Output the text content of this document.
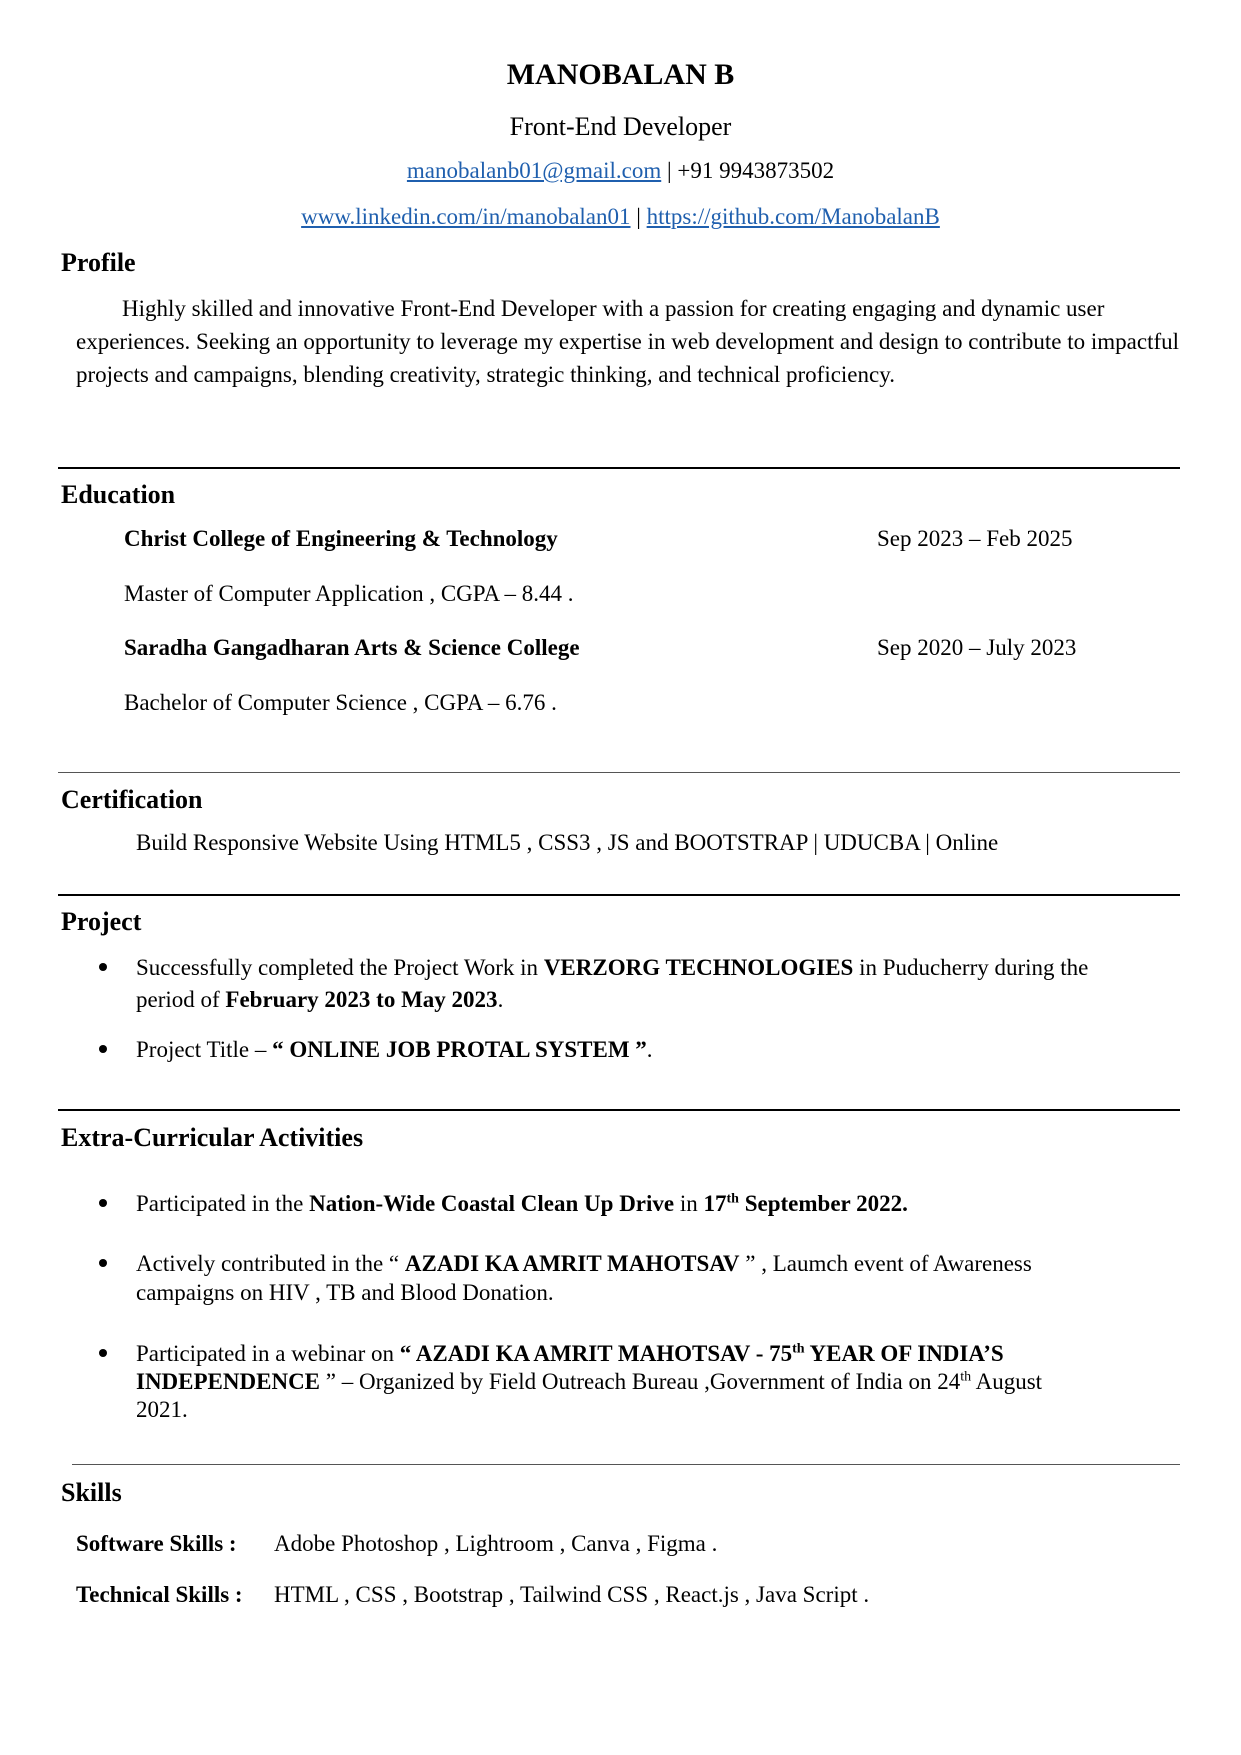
MANOBALAN B
Front-End Developer
manobalanb01@gmail.com | +91 9943873502
www.linkedin.com/in/manobalan01 | https://github.com/ManobalanB
Profile
Highly skilled and innovative Front-End Developer with a passion for creating engaging and dynamic user experiences. Seeking an opportunity to leverage my expertise in web development and design to contribute to impactful projects and campaigns, blending creativity, strategic thinking, and technical proficiency.
Education
Christ College of Engineering & Technology	Sep 2023 – Feb 2025
Master of Computer Application , CGPA – 8.44 .
Saradha Gangadharan Arts & Science College	Sep 2020 – July 2023
Bachelor of Computer Science , CGPA – 6.76 .
Certification
Build Responsive Website Using HTML5 , CSS3 , JS and BOOTSTRAP | UDUCBA | Online
Project
Successfully completed the Project Work in VERZORG TECHNOLOGIES in Puducherry during the
period of February 2023 to May 2023.
Project Title – “ ONLINE JOB PROTAL SYSTEM ”.
Extra-Curricular Activities
Participated in the Nation-Wide Coastal Clean Up Drive in 17th September 2022.
Actively contributed in the “ AZADI KA AMRIT MAHOTSAV ” , Laumch event of Awareness
campaigns on HIV , TB and Blood Donation.
Participated in a webinar on “ AZADI KA AMRIT MAHOTSAV - 75th YEAR OF INDIA’S
INDEPENDENCE ” – Organized by Field Outreach Bureau ,Government of India on 24th August
2021.
Skills
Software Skills : Adobe Photoshop , Lightroom , Canva , Figma .
Technical Skills : HTML , CSS , Bootstrap , Tailwind CSS , React.js , Java Script .
